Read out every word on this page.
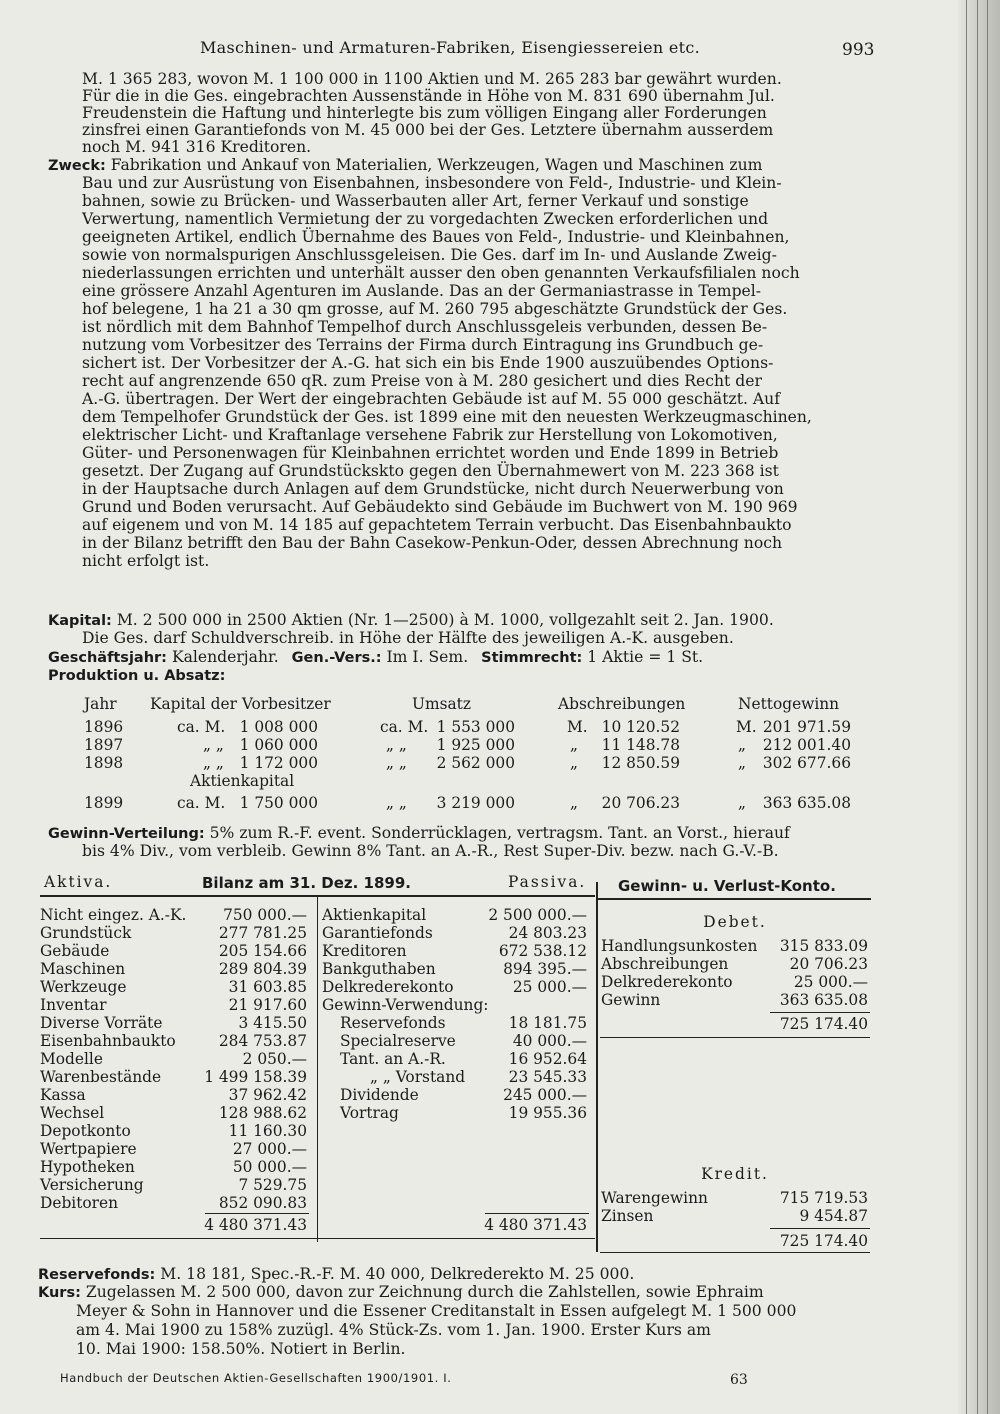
Maschinen- und Armaturen-Fabriken, Eisengiessereien etc.	993
M. 1 365 283, wovon M. 1 100 000 in 1100 Aktien und M. 265 283 bar gewährt wurden.
Für die in die Ges. eingebrachten Aussenstände in Höhe von M. 831 690 übernahm Jul.
Freudenstein die Haftung und hinterlegte bis zum völligen Eingang aller Forderungen
zinsfrei einen Garantiefonds von M. 45 000 bei der Ges. Letztere übernahm ausserdem
noch M. 941 316 Kreditoren.
Zweck: Fabrikation und Ankauf von Materialien, Werkzeugen, Wagen und Maschinen zum
Bau und zur Ausrüstung von Eisenbahnen, insbesondere von Feld-, Industrie- und Klein-
bahnen, sowie zu Brücken- und Wasserbauten aller Art, ferner Verkauf und sonstige
Verwertung, namentlich Vermietung der zu vorgedachten Zwecken erforderlichen und
geeigneten Artikel, endlich Übernahme des Baues von Feld-, Industrie- und Kleinbahnen,
sowie von normalspurigen Anschlussgeleisen. Die Ges. darf im In- und Auslande Zweig-
niederlassungen errichten und unterhält ausser den oben genannten Verkaufsfilialen noch
eine grössere Anzahl Agenturen im Auslande. Das an der Germaniastrasse in Tempel-
hof belegene, 1 ha 21 a 30 qm grosse, auf M. 260 795 abgeschätzte Grundstück der Ges.
ist nördlich mit dem Bahnhof Tempelhof durch Anschlussgeleis verbunden, dessen Be-
nutzung vom Vorbesitzer des Terrains der Firma durch Eintragung ins Grundbuch ge-
sichert ist. Der Vorbesitzer der A.-G. hat sich ein bis Ende 1900 auszuübendes Options-
recht auf angrenzende 650 qR. zum Preise von à M. 280 gesichert und dies Recht der
A.-G. übertragen. Der Wert der eingebrachten Gebäude ist auf M. 55 000 geschätzt. Auf
dem Tempelhofer Grundstück der Ges. ist 1899 eine mit den neuesten Werkzeugmaschinen,
elektrischer Licht- und Kraftanlage versehene Fabrik zur Herstellung von Lokomotiven,
Güter- und Personenwagen für Kleinbahnen errichtet worden und Ende 1899 in Betrieb
gesetzt. Der Zugang auf Grundstückskto gegen den Übernahmewert von M. 223 368 ist
in der Hauptsache durch Anlagen auf dem Grundstücke, nicht durch Neuerwerbung von
Grund und Boden verursacht. Auf Gebäudekto sind Gebäude im Buchwert von M. 190 969
auf eigenem und von M. 14 185 auf gepachtetem Terrain verbucht. Das Eisenbahnbaukto
in der Bilanz betrifft den Bau der Bahn Casekow-Penkun-Oder, dessen Abrechnung noch
nicht erfolgt ist.
Kapital: M. 2 500 000 in 2500 Aktien (Nr. 1—2500) à M. 1000, vollgezahlt seit 2. Jan. 1900.
Die Ges. darf Schuldverschreib. in Höhe der Hälfte des jeweiligen A.-K. ausgeben.
Geschäftsjahr: Kalenderjahr. Gen.-Vers.: Im I. Sem. Stimmrecht: 1 Aktie = 1 St.
Produktion u. Absatz:
Jahr Kapital der Vorbesitzer	Umsatz	Abschreibungen	Nettogewinn
1896	ca. M. 1 008 000	ca. M. 1 553 000	M. 10 120.52	M. 201 971.59
1897	„ „	1 060 000	„ „	1 925 000	„	11 148.78	„	212 001.40
1898	„ „	1 172 000	„ „	2 562 000	„	12 850.59	„	302 677.66
Aktienkapital
1899	ca. M. 1 750 000	„ „	3 219 000	„	20 706.23	„	363 635.08
Gewinn-Verteilung: 5% zum R.-F. event. Sonderrücklagen, vertragsm. Tant. an Vorst., hierauf
bis 4% Div., vom verbleib. Gewinn 8% Tant. an A.-R., Rest Super-Div. bezw. nach G.-V.-B.
Aktiva.	Bilanz am 31. Dez. 1899.	Passiva. Gewinn- u. Verlust-Konto.
Nicht eingez. A.-K.	750 000.—
Grundstück	277 781.25
Gebäude	205 154.66
Maschinen	289 804.39
Werkzeuge	31 603.85
Inventar	21 917.60
Diverse Vorräte	3 415.50
Eisenbahnbaukto	284 753.87
Modelle	2 050.—
Warenbestände	1 499 158.39
Kassa	37 962.42
Wechsel	128 988.62
Depotkonto	11 160.30
Wertpapiere	27 000.—
Hypotheken	50 000.—
Versicherung	7 529.75
Debitoren	852 090.83
4 480 371.43
Aktienkapital	2 500 000.—
Garantiefonds	24 803.23
Kreditoren	672 538.12
Bankguthaben	894 395.—
Delkrederekonto	25 000.—
Gewinn-Verwendung:
Reservefonds	18 181.75
Specialreserve	40 000.—
Tant. an A.-R.	16 952.64
„ „ Vorstand	23 545.33
Dividende	245 000.—
Vortrag	19 955.36
4 480 371.43
Debet.
Handlungsunkosten	315 833.09
Abschreibungen	20 706.23
Delkrederekonto	25 000.—
Gewinn	363 635.08
725 174.40
Kredit.
Warengewinn	715 719.53
Zinsen	9 454.87
725 174.40
Reservefonds: M. 18 181, Spec.-R.-F. M. 40 000, Delkrederekto M. 25 000.
Kurs: Zugelassen M. 2 500 000, davon zur Zeichnung durch die Zahlstellen, sowie Ephraim
Meyer & Sohn in Hannover und die Essener Creditanstalt in Essen aufgelegt M. 1 500 000
am 4. Mai 1900 zu 158% zuzügl. 4% Stück-Zs. vom 1. Jan. 1900. Erster Kurs am
10. Mai 1900: 158.50%. Notiert in Berlin.
Handbuch der Deutschen Aktien-Gesellschaften 1900/1901. I.	63
